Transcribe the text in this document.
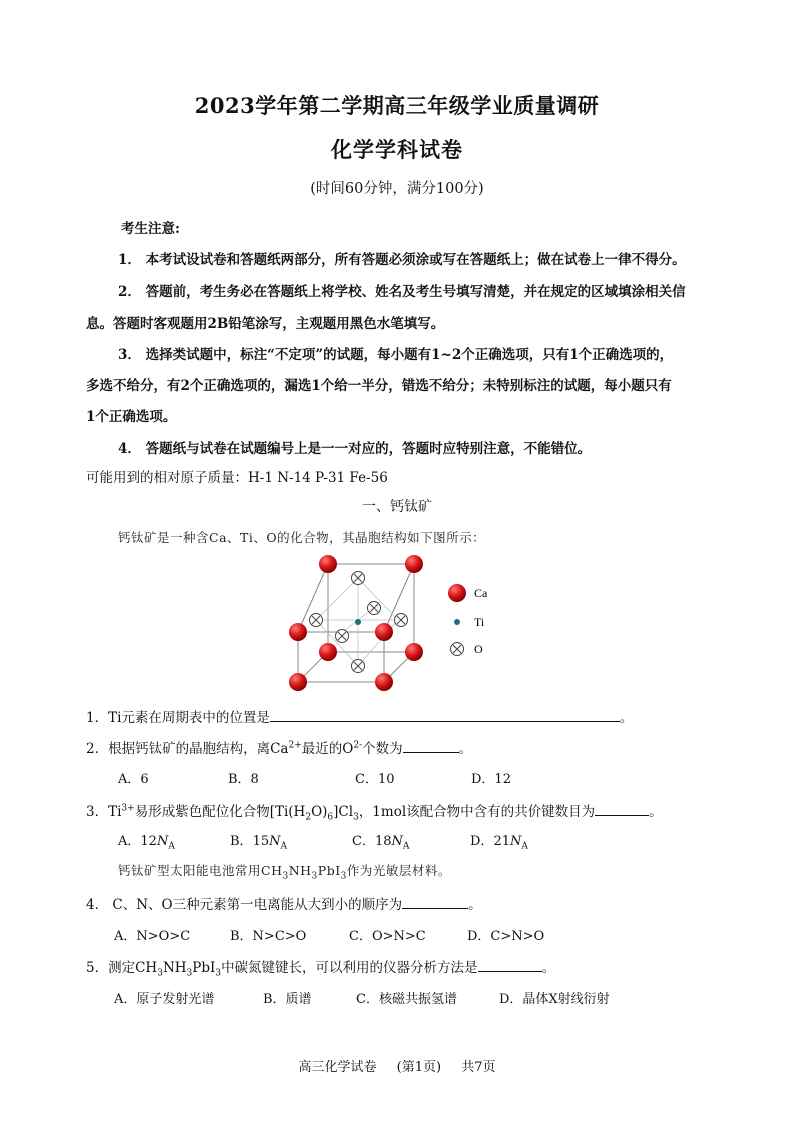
2023学年第二学期高三年级学业质量调研
化学学科试卷
(时间60分钟，满分100分)
考生注意:
1． 本考试设试卷和答题纸两部分，所有答题必须涂或写在答题纸上；做在试卷上一律不得分。
2． 答题前，考生务必在答题纸上将学校、姓名及考生号填写清楚，并在规定的区域填涂相关信
息。答题时客观题用2B铅笔涂写，主观题用黑色水笔填写。
3． 选择类试题中，标注“不定项”的试题，每小题有1~2个正确选项，只有1个正确选项的，
多选不给分，有2个正确选项的，漏选1个给一半分，错选不给分；未特别标注的试题，每小题只有
1个正确选项。
4． 答题纸与试卷在试题编号上是一一对应的，答题时应特别注意，不能错位。
可能用到的相对原子质量：H-1 N-14 P-31 Fe-56
一、钙钛矿
钙钛矿是一种含Ca、Ti、O的化合物，其晶胞结构如下图所示：
Ca
Ti
O
1．Ti元素在周期表中的位置是	。
2．根据钙钛矿的晶胞结构，离$Ca^{2+}$最近的$O^{2-}$个数为	。
A．6	B．8	C．10	D．12
3．$Ti^{3+}$易形成紫色配位化合物$[Ti(H_2O)_6]Cl_3$，1mol该配合物中含有的共价键数目为	。
A．$12N_A$	B．$15N_A$	C．$18N_A$	D．$21N_A$
钙钛矿型太阳能电池常用$CH_3NH_3PbI_3$作为光敏层材料。
4． C、N、O三种元素第一电离能从大到小的顺序为	。
A．N>O>C	B．N>C>O	C．O>N>C	D．C>N>O
5．测定$CH_3NH_3PbI_3$中碳氮键键长，可以利用的仪器分析方法是	。
A．原子发射光谱	B．质谱	C．核磁共振氢谱	D．晶体X射线衍射
高三化学试卷 (第1页) 共7页
